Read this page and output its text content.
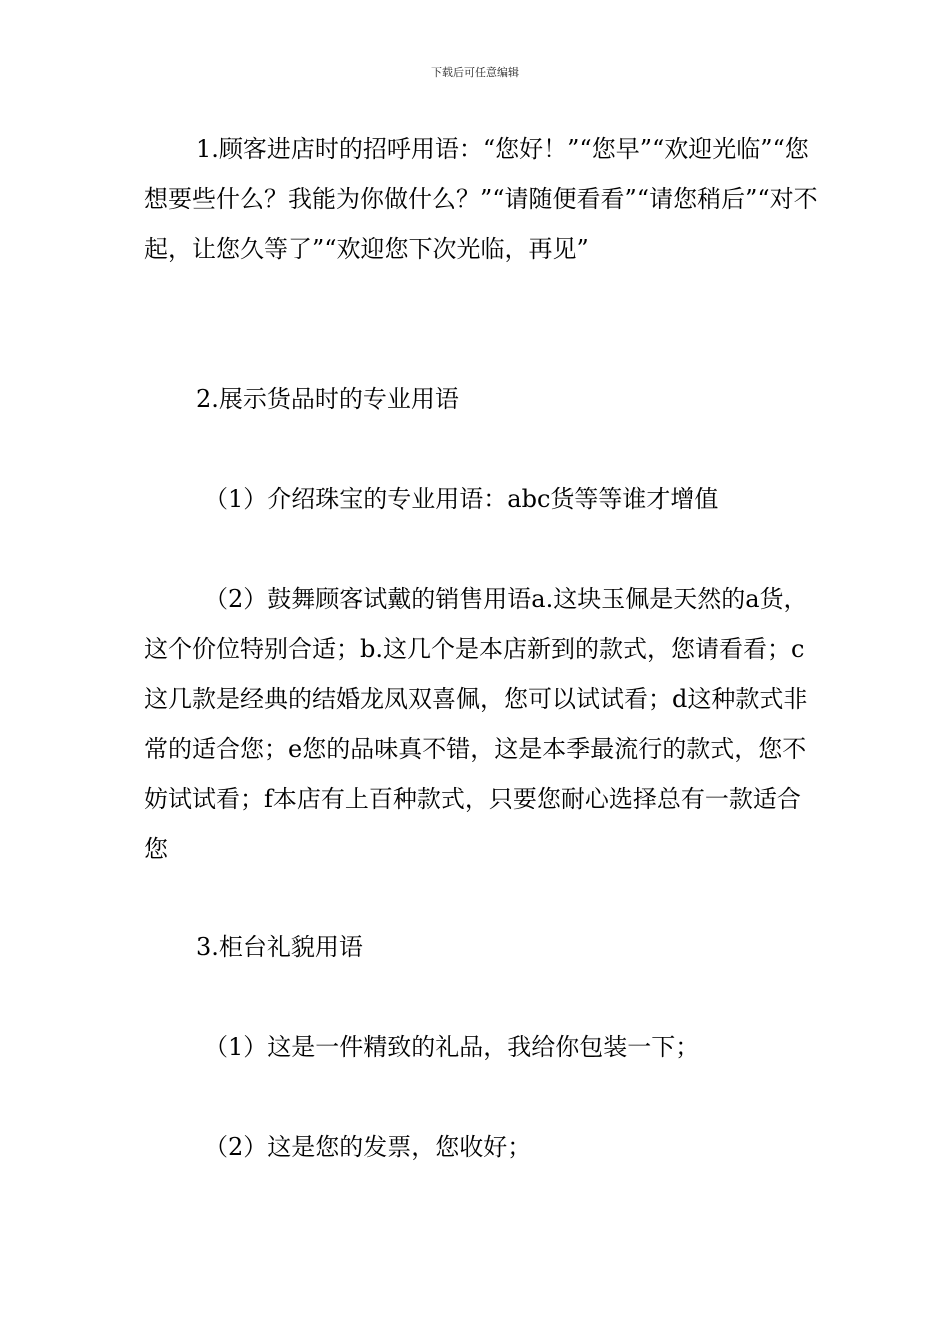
下载后可任意编辑

1.顾客进店时的招呼用语：“您好！”“您早”“欢迎光临”“您想要些什么？我能为你做什么？”“请随便看看”“请您稍后”“对不起，让您久等了”“欢迎您下次光临，再见”

2.展示货品时的专业用语

（1）介绍珠宝的专业用语：abc货等等谁才增值

（2）鼓舞顾客试戴的销售用语a.这块玉佩是天然的a货，这个价位特别合适；b.这几个是本店新到的款式，您请看看；c这几款是经典的结婚龙凤双喜佩，您可以试试看；d这种款式非常的适合您；e您的品味真不错，这是本季最流行的款式，您不妨试试看；f本店有上百种款式，只要您耐心选择总有一款适合您

3.柜台礼貌用语

（1）这是一件精致的礼品，我给你包装一下；

（2）这是您的发票，您收好；
